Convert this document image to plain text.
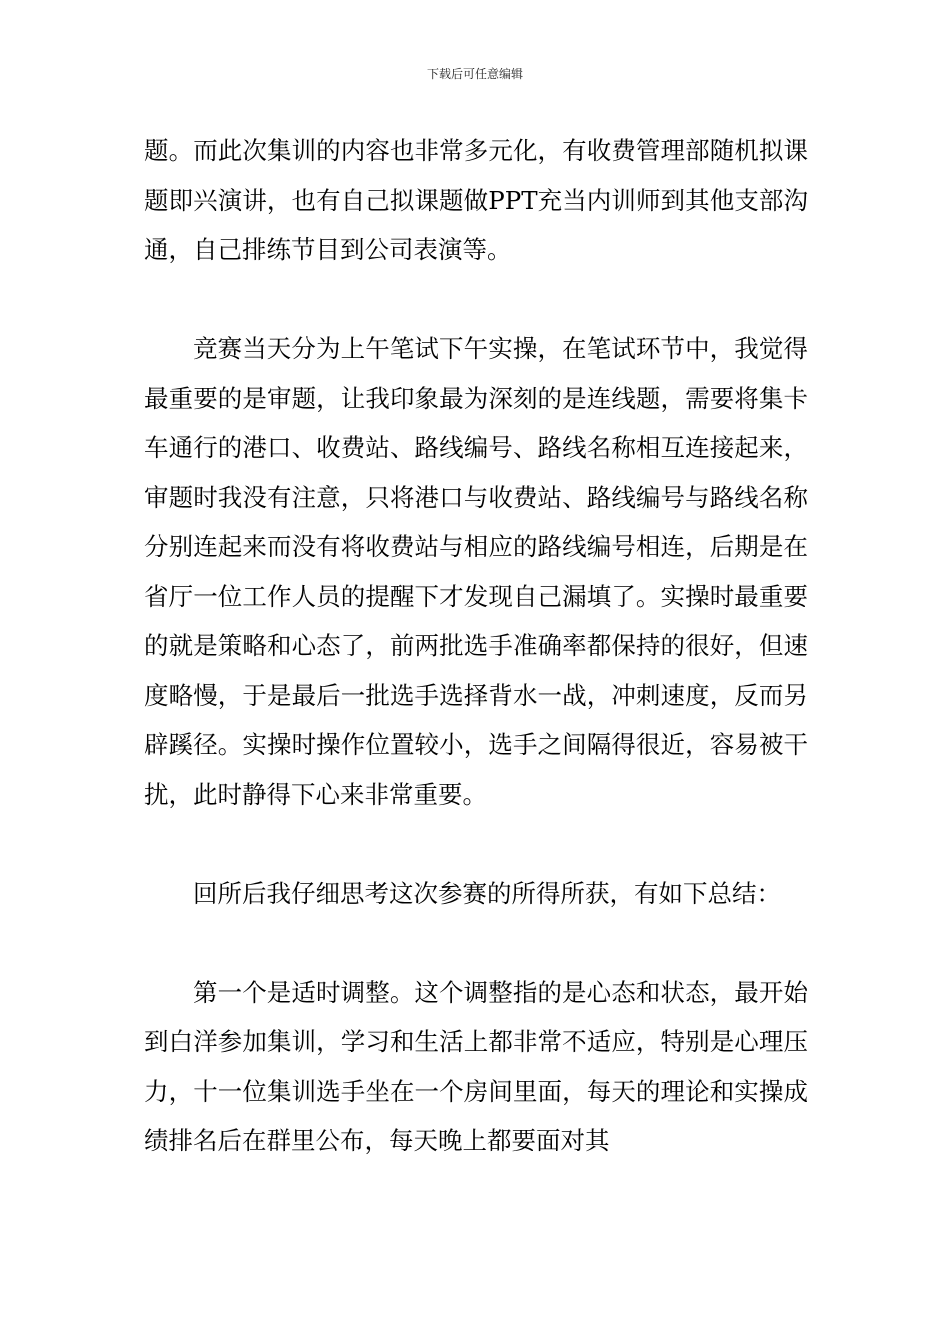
下载后可任意编辑

题。而此次集训的内容也非常多元化，有收费管理部随机拟课题即兴演讲，也有自己拟课题做PPT充当内训师到其他支部沟通，自己排练节目到公司表演等。

竞赛当天分为上午笔试下午实操，在笔试环节中，我觉得最重要的是审题，让我印象最为深刻的是连线题，需要将集卡车通行的港口、收费站、路线编号、路线名称相互连接起来，审题时我没有注意，只将港口与收费站、路线编号与路线名称分别连起来而没有将收费站与相应的路线编号相连，后期是在省厅一位工作人员的提醒下才发现自己漏填了。实操时最重要的就是策略和心态了，前两批选手准确率都保持的很好，但速度略慢，于是最后一批选手选择背水一战，冲刺速度，反而另辟蹊径。实操时操作位置较小，选手之间隔得很近，容易被干扰，此时静得下心来非常重要。

回所后我仔细思考这次参赛的所得所获，有如下总结：

第一个是适时调整。这个调整指的是心态和状态，最开始到白洋参加集训，学习和生活上都非常不适应，特别是心理压力，十一位集训选手坐在一个房间里面，每天的理论和实操成绩排名后在群里公布，每天晚上都要面对其
